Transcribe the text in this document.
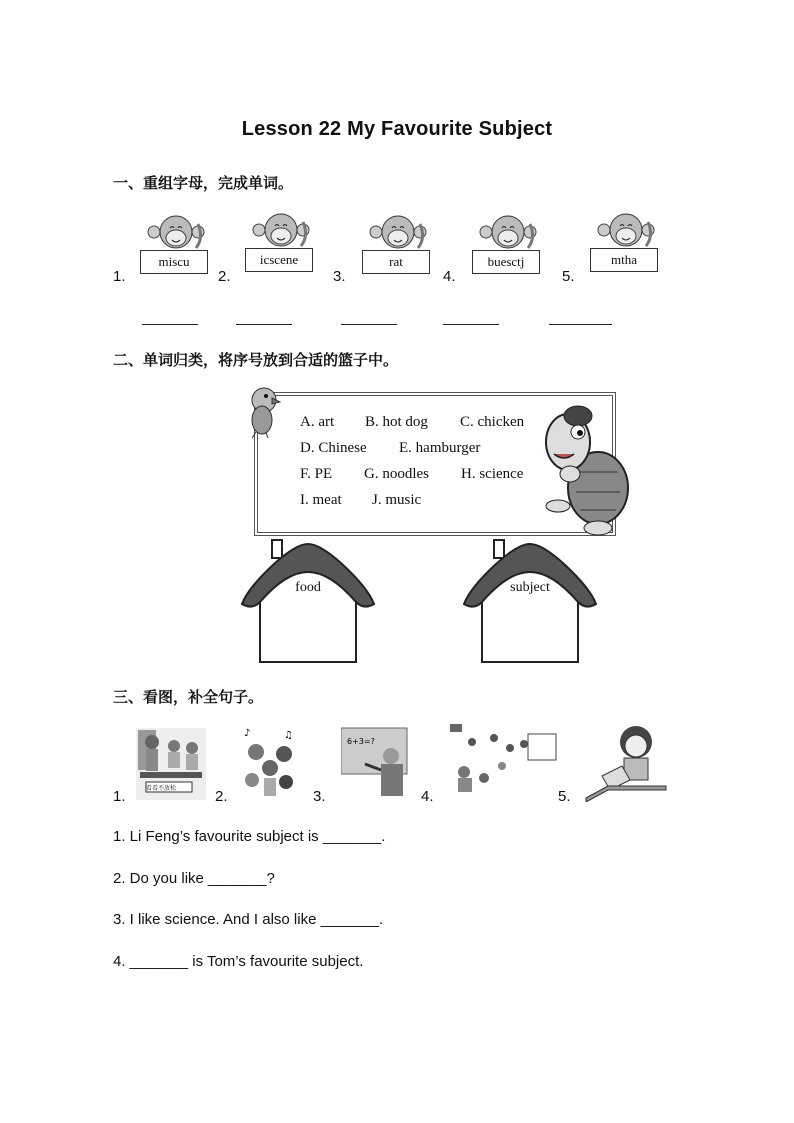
Lesson 22 My Favourite Subject
一、重组字母，完成单词。
1.	2.	3.	4.	5.
miscu	icscene	rat	buesctj	mtha
二、单词归类，将序号放到合适的篮子中。
A. art B. hot dog C. chicken
D. Chinese E. hamburger
F. PE G. noodles H. science
I. meat J. music
food	subject
三、看图，补全句子。
1.	2.	3.	4.	5.
看看不放松
♪	♫
6+3=?
1. Li Feng’s favourite subject is _______.
2. Do you like _______?
3. I like science. And I also like _______.
4. _______ is Tom’s favourite subject.
